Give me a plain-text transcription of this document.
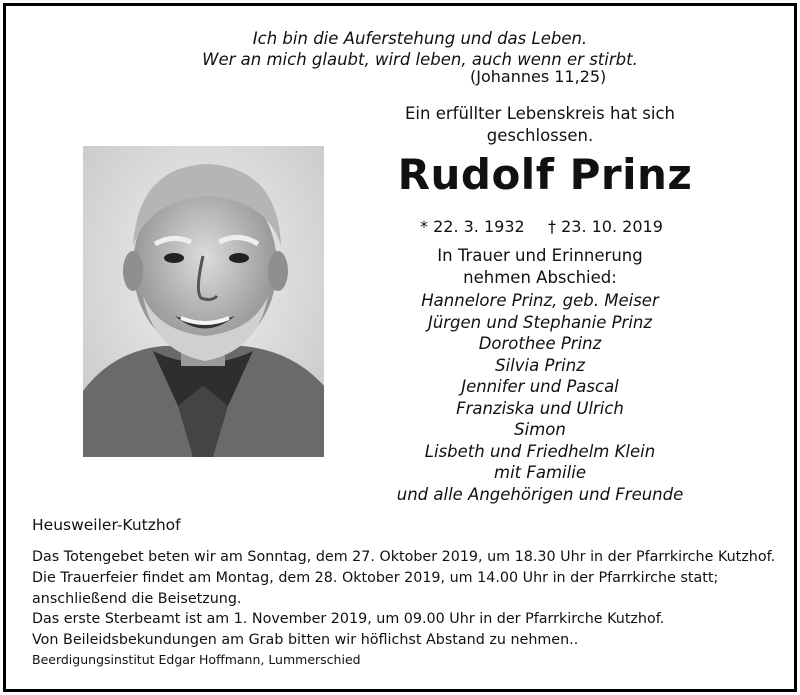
Ich bin die Auferstehung und das Leben.
Wer an mich glaubt, wird leben, auch wenn er stirbt.
(Johannes 11,25)
Ein erfüllter Lebenskreis hat sich
geschlossen.
Rudolf Prinz
* 22. 3. 1932 † 23. 10. 2019
In Trauer und Erinnerung
nehmen Abschied:
Hannelore Prinz, geb. Meiser
Jürgen und Stephanie Prinz
Dorothee Prinz
Silvia Prinz
Jennifer und Pascal
Franziska und Ulrich
Simon
Lisbeth und Friedhelm Klein
mit Familie
und alle Angehörigen und Freunde
Heusweiler-Kutzhof
Das Totengebet beten wir am Sonntag, dem 27. Oktober 2019, um 18.30 Uhr in der Pfarrkirche Kutzhof.
Die Trauerfeier findet am Montag, dem 28. Oktober 2019, um 14.00 Uhr in der Pfarrkirche statt;
anschließend die Beisetzung.
Das erste Sterbeamt ist am 1. November 2019, um 09.00 Uhr in der Pfarrkirche Kutzhof.
Von Beileidsbekundungen am Grab bitten wir höflichst Abstand zu nehmen..
Beerdigungsinstitut Edgar Hoffmann, Lummerschied
